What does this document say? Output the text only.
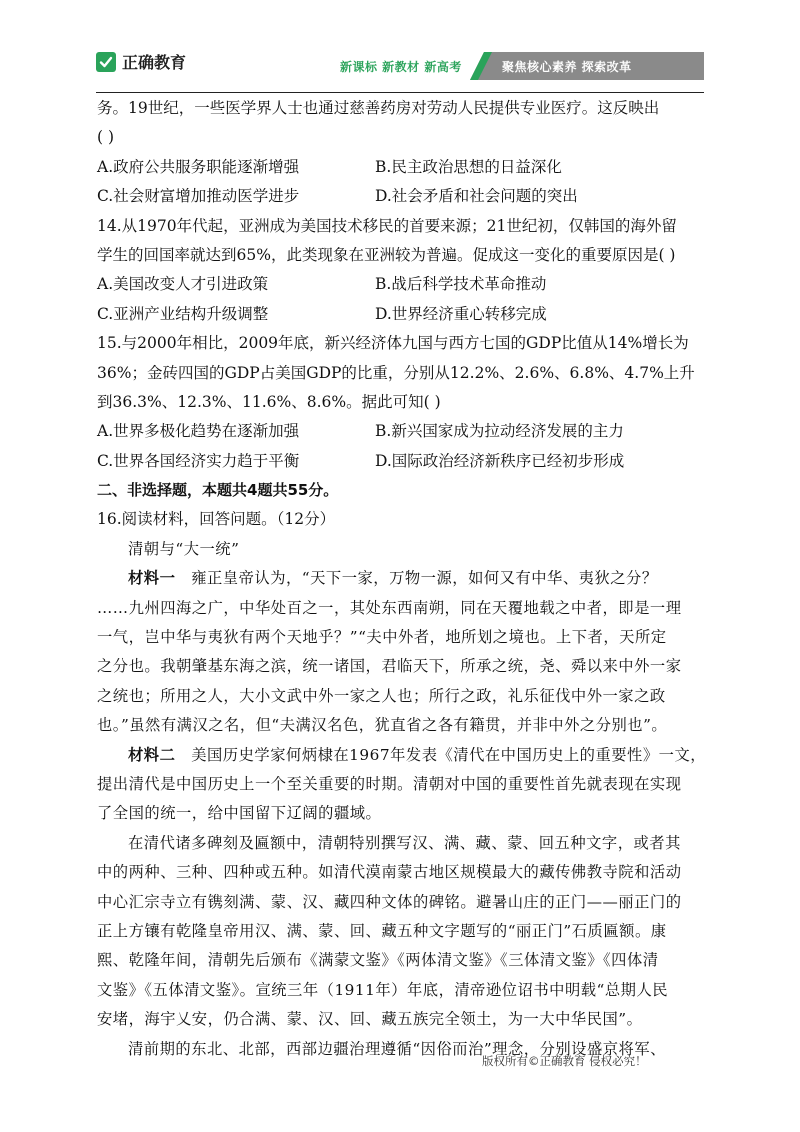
正确教育	新课标 新教材 新高考	聚焦核心素养 探索改革
务。19世纪，一些医学界人士也通过慈善药房对劳动人民提供专业医疗。这反映出
( )
A.政府公共服务职能逐渐增强	B.民主政治思想的日益深化
C.社会财富增加推动医学进步	D.社会矛盾和社会问题的突出
14.从1970年代起，亚洲成为美国技术移民的首要来源；21世纪初，仅韩国的海外留
学生的回国率就达到65%，此类现象在亚洲较为普遍。促成这一变化的重要原因是( )
A.美国改变人才引进政策	B.战后科学技术革命推动
C.亚洲产业结构升级调整	D.世界经济重心转移完成
15.与2000年相比，2009年底，新兴经济体九国与西方七国的GDP比值从14%增长为
36%；金砖四国的GDP占美国GDP的比重，分别从12.2%、2.6%、6.8%、4.7%上升
到36.3%、12.3%、11.6%、8.6%。据此可知( )
A.世界多极化趋势在逐渐加强	B.新兴国家成为拉动经济发展的主力
C.世界各国经济实力趋于平衡	D.国际政治经济新秩序已经初步形成
二、非选择题，本题共4题共55分。
16.阅读材料，回答问题。（12分）
清朝与“大一统”
材料一　雍正皇帝认为，“天下一家，万物一源，如何又有中华、夷狄之分？
……九州四海之广，中华处百之一，其处东西南朔，同在天覆地载之中者，即是一理
一气，岂中华与夷狄有两个天地乎？”“夫中外者，地所划之境也。上下者，天所定
之分也。我朝肇基东海之滨，统一诸国，君临天下，所承之统，尧、舜以来中外一家
之统也；所用之人，大小文武中外一家之人也；所行之政，礼乐征伐中外一家之政
也。”虽然有满汉之名，但“夫满汉名色，犹直省之各有籍贯，并非中外之分别也”。
材料二　美国历史学家何炳棣在1967年发表《清代在中国历史上的重要性》一文，
提出清代是中国历史上一个至关重要的时期。清朝对中国的重要性首先就表现在实现
了全国的统一，给中国留下辽阔的疆域。
在清代诸多碑刻及匾额中，清朝特别撰写汉、满、藏、蒙、回五种文字，或者其
中的两种、三种、四种或五种。如清代漠南蒙古地区规模最大的藏传佛教寺院和活动
中心汇宗寺立有镌刻满、蒙、汉、藏四种文体的碑铭。避暑山庄的正门——丽正门的
正上方镶有乾隆皇帝用汉、满、蒙、回、藏五种文字题写的“丽正门”石质匾额。康
熙、乾隆年间，清朝先后颁布《满蒙文鉴》《两体清文鉴》《三体清文鉴》《四体清
文鉴》《五体清文鉴》。宣统三年（1911年）年底，清帝逊位诏书中明载“总期人民
安堵，海宇乂安，仍合满、蒙、汉、回、藏五族完全领土，为一大中华民国”。
清前期的东北、北部，西部边疆治理遵循“因俗而治”理念，分别设盛京将军、
版权所有©正确教育 侵权必究！
